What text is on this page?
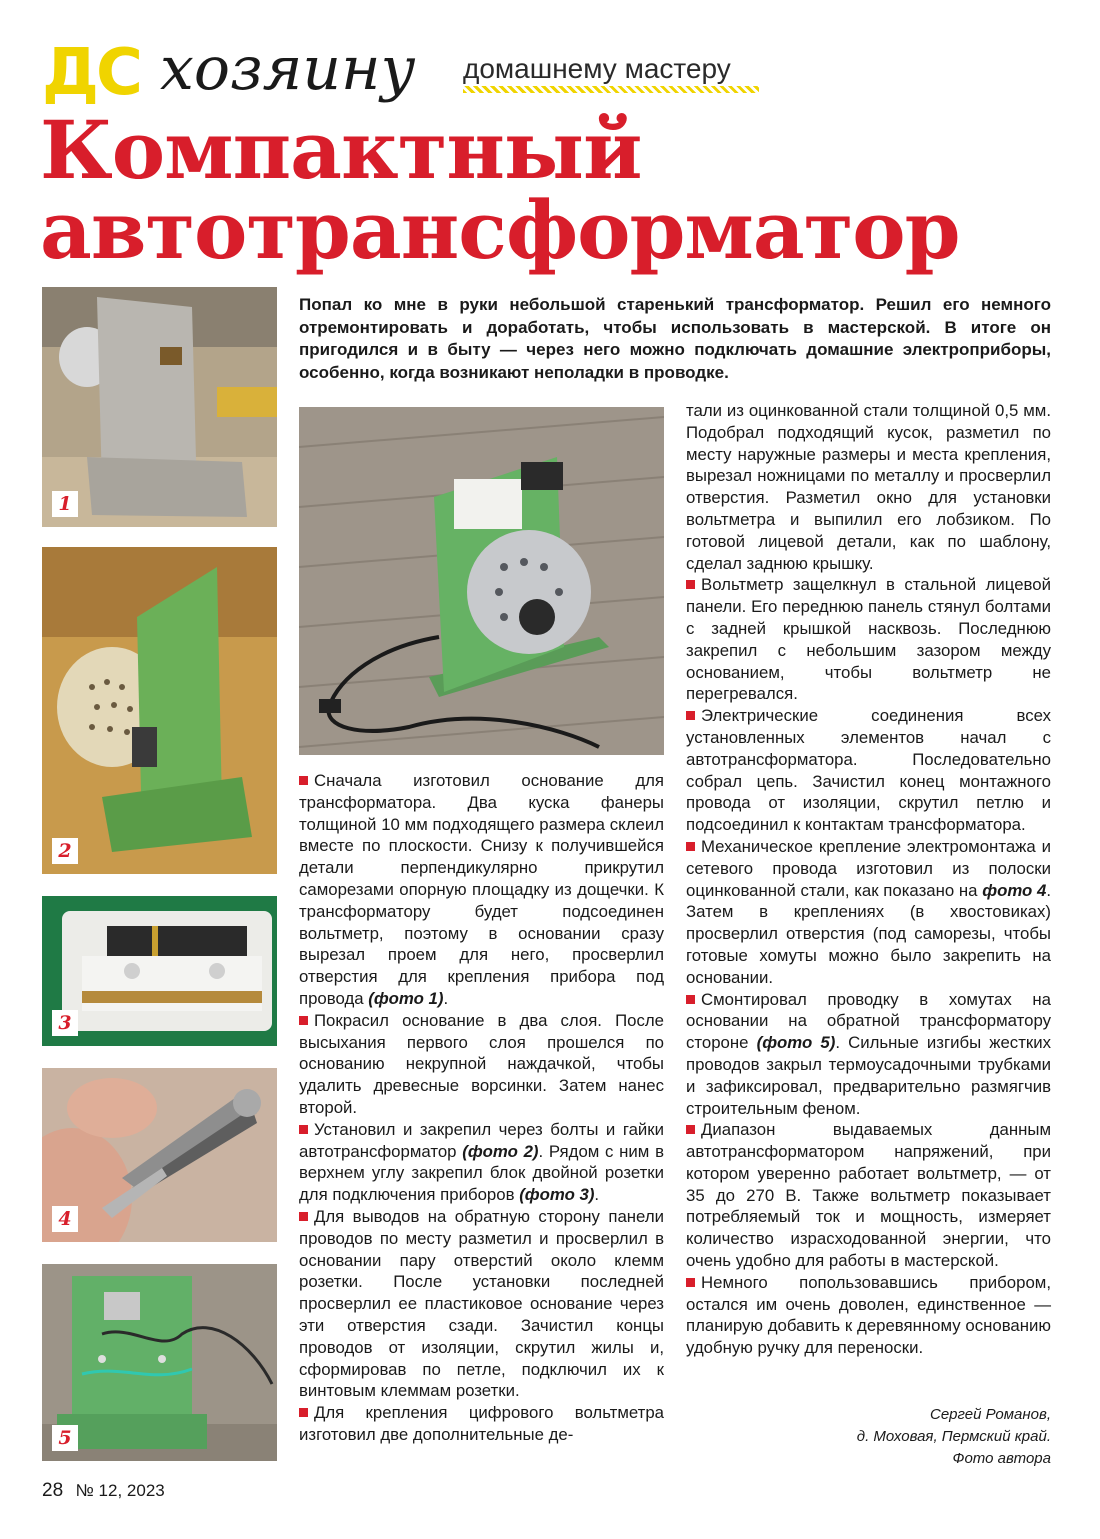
ДС хозяину домашнему мастеру
Компактный
автотрансформатор
1
2
3
4
5

Попал ко мне в руки небольшой старенький трансформатор. Решил его немного отремонтировать и доработать, чтобы использовать в мастерской. В итоге он пригодился и в быту — через него можно подключать домашние электроприборы, особенно, когда возникают неполадки в проводке.

Сначала изготовил основание для трансформатора. Два куска фанеры толщиной 10 мм подходящего размера склеил вместе по плоскости. Снизу к получившейся детали перпендикулярно прикрутил саморезами опорную площадку из дощечки. К трансформатору будет подсоединен вольтметр, поэтому в основании сразу вырезал проем для него, просверлил отверстия для крепления прибора под провода (фото 1).

Покрасил основание в два слоя. После высыхания первого слоя прошелся по основанию некрупной наждачкой, чтобы удалить древесные ворсинки. Затем нанес второй.

Установил и закрепил через болты и гайки автотрансформатор (фото 2). Рядом с ним в верхнем углу закрепил блок двойной розетки для подключения приборов (фото 3).

Для выводов на обратную сторону панели проводов по месту разметил и просверлил в основании пару отверстий около клемм розетки. После установки последней просверлил ее пластиковое основание через эти отверстия сзади. Зачистил концы проводов от изоляции, скрутил жилы и, сформировав по петле, подключил их к винтовым клеммам розетки.

Для крепления цифрового вольтметра изготовил две дополнительные де-

тали из оцинкованной стали толщиной 0,5 мм. Подобрал подходящий кусок, разметил по месту наружные размеры и места крепления, вырезал ножницами по металлу и просверлил отверстия. Разметил окно для установки вольтметра и выпилил его лобзиком. По готовой лицевой детали, как по шаблону, сделал заднюю крышку.

Вольтметр защелкнул в стальной лицевой панели. Его переднюю панель стянул болтами с задней крышкой насквозь. Последнюю закрепил с небольшим зазором между основанием, чтобы вольтметр не перегревался.

Электрические соединения всех установленных элементов начал с автотрансформатора. Последовательно собрал цепь. Зачистил конец монтажного провода от изоляции, скрутил петлю и подсоединил к контактам трансформатора.

Механическое крепление электромонтажа и сетевого провода изготовил из полоски оцинкованной стали, как показано на фото 4. Затем в креплениях (в хвостовиках) просверлил отверстия (под саморезы, чтобы готовые хомуты можно было закрепить на основании.

Смонтировал проводку в хомутах на основании на обратной трансформатору стороне (фото 5). Сильные изгибы жестких проводов закрыл термоусадочными трубками и зафиксировал, предварительно размягчив строительным феном.

Диапазон выдаваемых данным автотрансформатором напряжений, при котором уверенно работает вольтметр, — от 35 до 270 В. Также вольтметр показывает потребляемый ток и мощность, измеряет количество израсходованной энергии, что очень удобно для работы в мастерской.

Немного попользовавшись прибором, остался им очень доволен, единственное — планирую добавить к деревянному основанию удобную ручку для переноски.

Сергей Романов,
д. Моховая, Пермский край.
Фото автора
28 № 12, 2023
